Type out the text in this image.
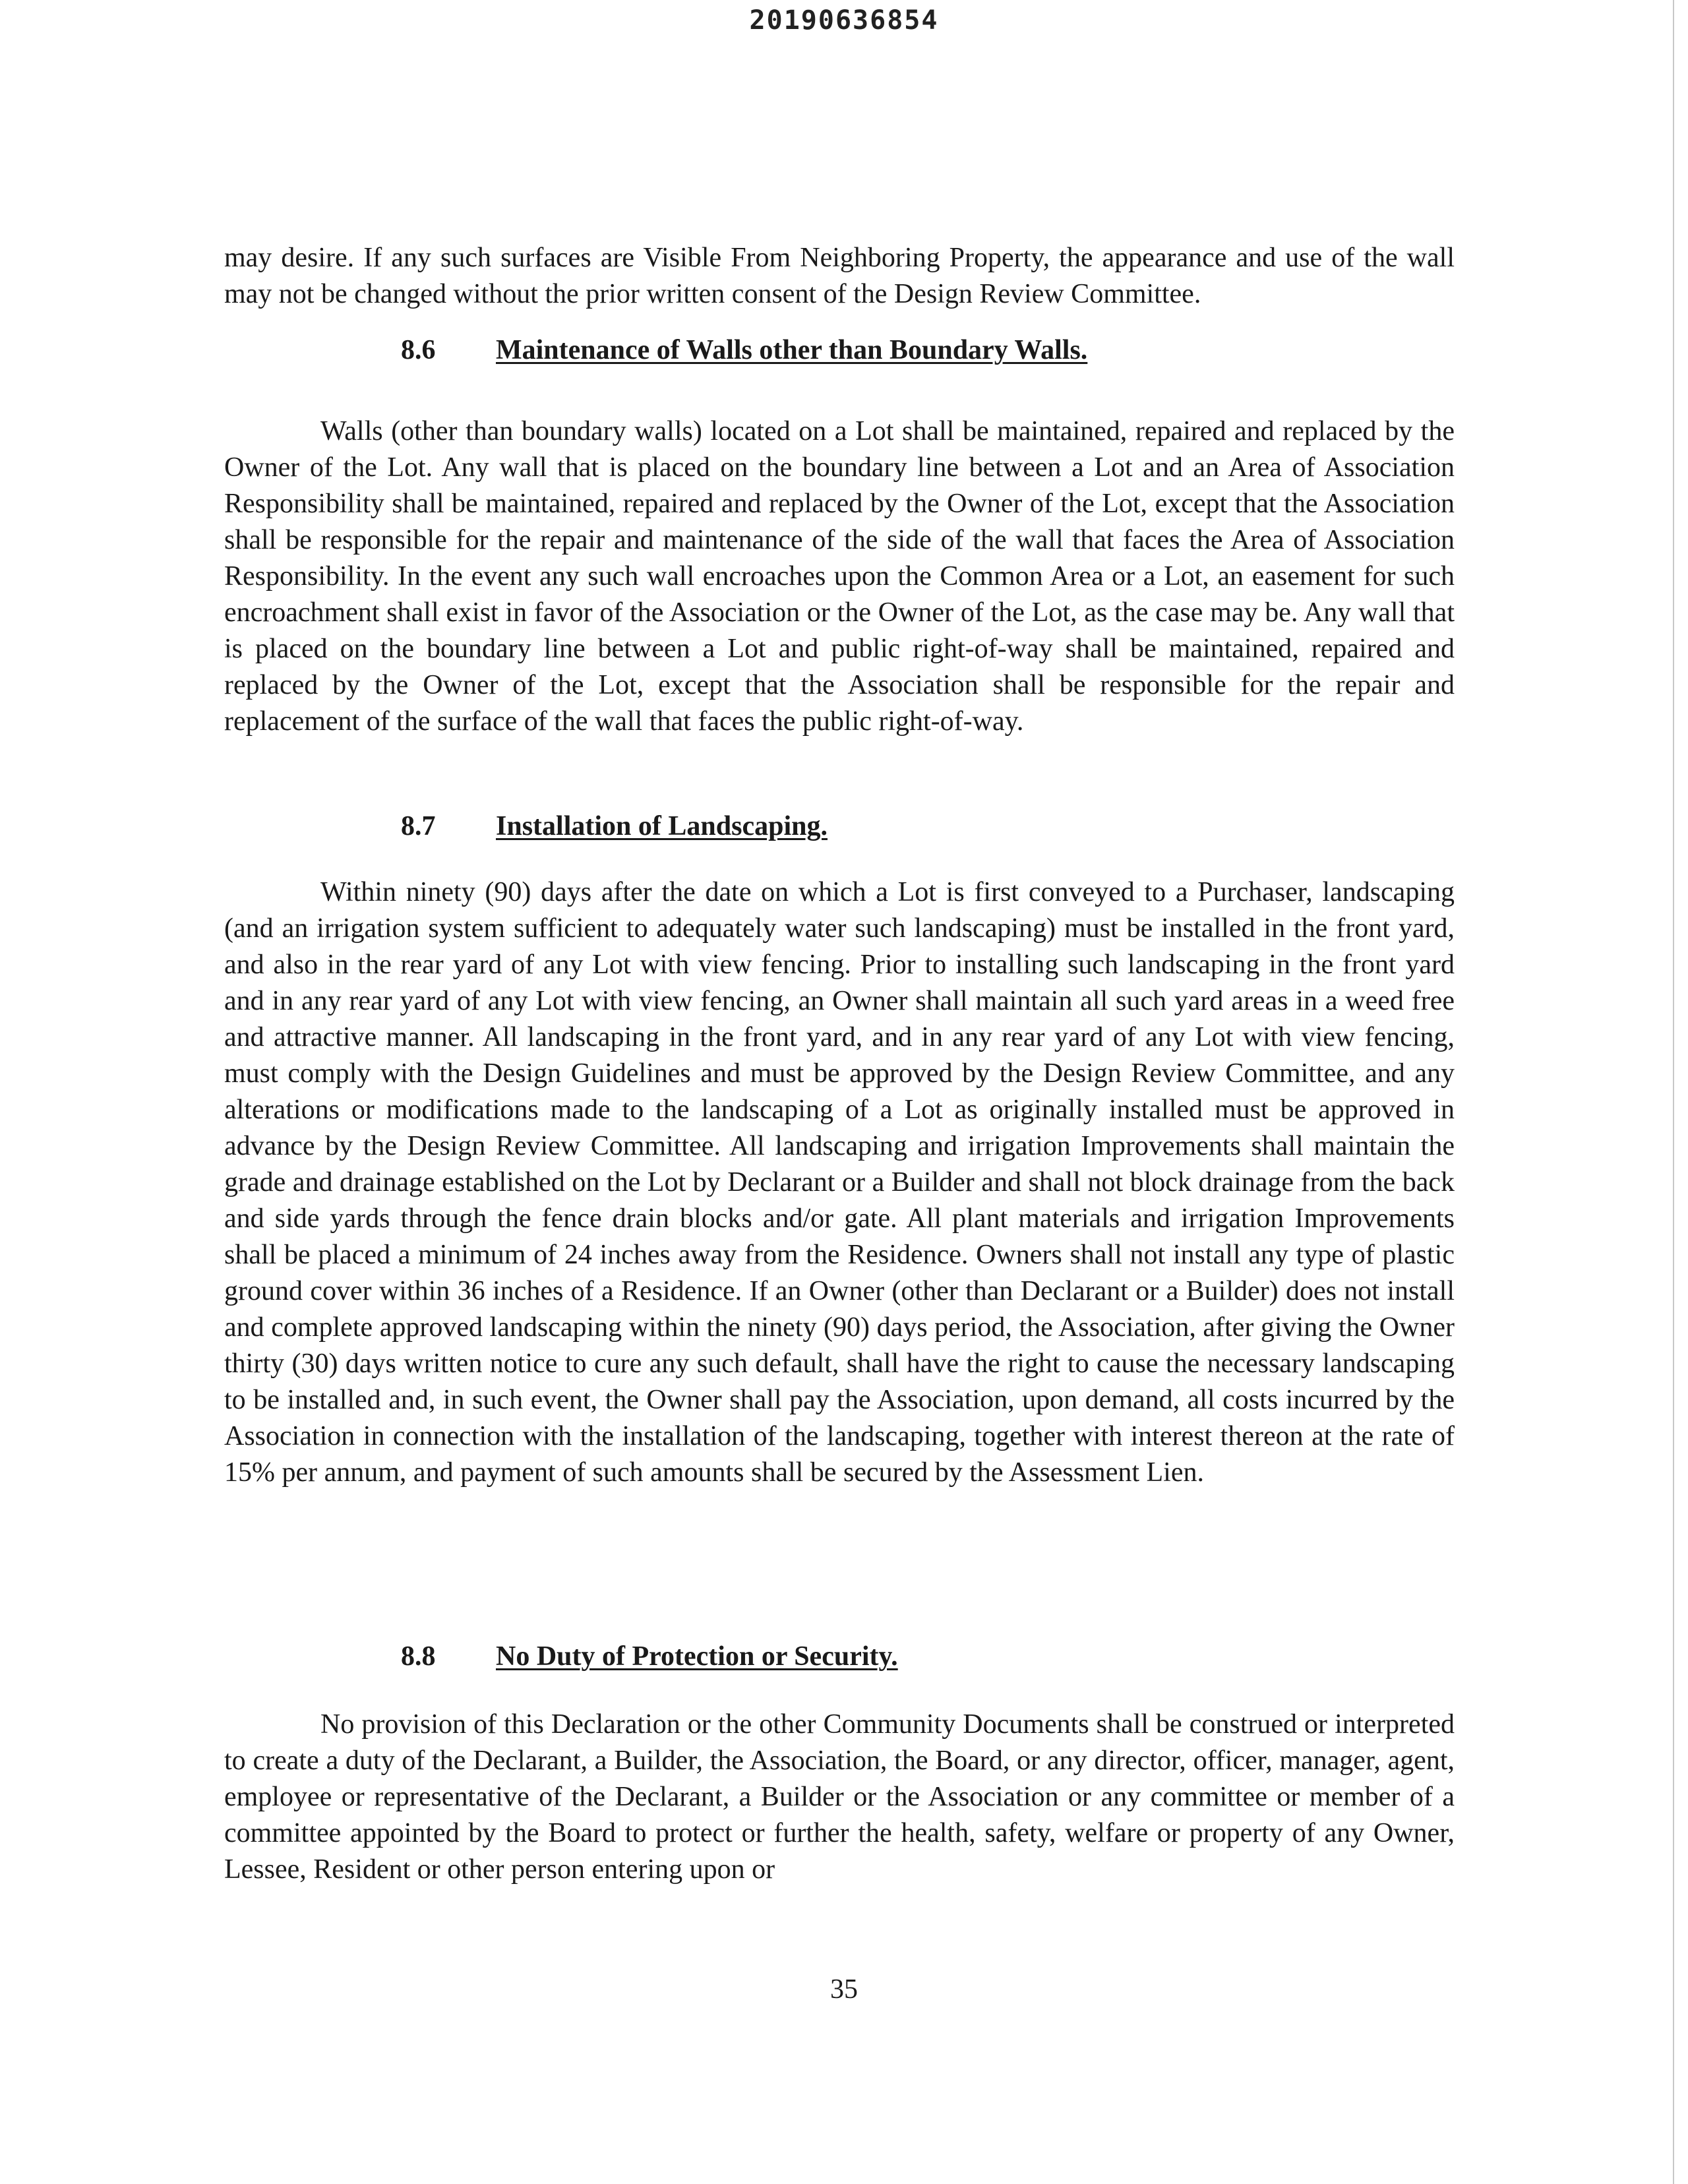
20190636854
may desire. If any such surfaces are Visible From Neighboring Property, the appearance and use of the wall may not be changed without the prior written consent of the Design Review Committee.
8.6 Maintenance of Walls other than Boundary Walls.
Walls (other than boundary walls) located on a Lot shall be maintained, repaired and replaced by the Owner of the Lot. Any wall that is placed on the boundary line between a Lot and an Area of Association Responsibility shall be maintained, repaired and replaced by the Owner of the Lot, except that the Association shall be responsible for the repair and maintenance of the side of the wall that faces the Area of Association Responsibility. In the event any such wall encroaches upon the Common Area or a Lot, an easement for such encroachment shall exist in favor of the Association or the Owner of the Lot, as the case may be. Any wall that is placed on the boundary line between a Lot and public right-of-way shall be maintained, repaired and replaced by the Owner of the Lot, except that the Association shall be responsible for the repair and replacement of the surface of the wall that faces the public right-of-way.
8.7 Installation of Landscaping.
Within ninety (90) days after the date on which a Lot is first conveyed to a Purchaser, landscaping (and an irrigation system sufficient to adequately water such landscaping) must be installed in the front yard, and also in the rear yard of any Lot with view fencing. Prior to installing such landscaping in the front yard and in any rear yard of any Lot with view fencing, an Owner shall maintain all such yard areas in a weed free and attractive manner. All landscaping in the front yard, and in any rear yard of any Lot with view fencing, must comply with the Design Guidelines and must be approved by the Design Review Committee, and any alterations or modifications made to the landscaping of a Lot as originally installed must be approved in advance by the Design Review Committee. All landscaping and irrigation Improvements shall maintain the grade and drainage established on the Lot by Declarant or a Builder and shall not block drainage from the back and side yards through the fence drain blocks and/or gate. All plant materials and irrigation Improvements shall be placed a minimum of 24 inches away from the Residence. Owners shall not install any type of plastic ground cover within 36 inches of a Residence. If an Owner (other than Declarant or a Builder) does not install and complete approved landscaping within the ninety (90) days period, the Association, after giving the Owner thirty (30) days written notice to cure any such default, shall have the right to cause the necessary landscaping to be installed and, in such event, the Owner shall pay the Association, upon demand, all costs incurred by the Association in connection with the installation of the landscaping, together with interest thereon at the rate of 15% per annum, and payment of such amounts shall be secured by the Assessment Lien.
8.8 No Duty of Protection or Security.
No provision of this Declaration or the other Community Documents shall be construed or interpreted to create a duty of the Declarant, a Builder, the Association, the Board, or any director, officer, manager, agent, employee or representative of the Declarant, a Builder or the Association or any committee or member of a committee appointed by the Board to protect or further the health, safety, welfare or property of any Owner, Lessee, Resident or other person entering upon or
35
